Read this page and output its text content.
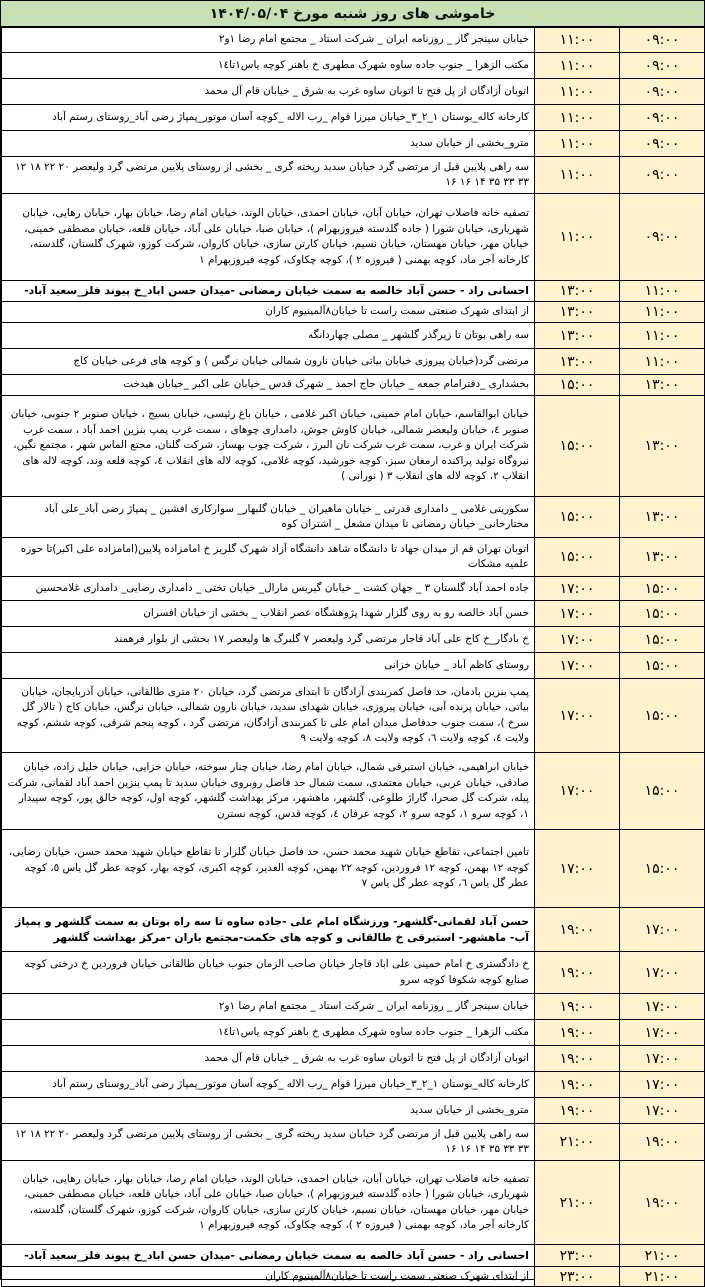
خاموشی های روز شنبه مورخ ۱۴۰۴/۰۵/۰۴
خیابان سینجر گاز _ روزنامه ایران _ شرکت استاد _ مجتمع امام رضا ۱و۲	۱۱:۰۰	۰۹:۰۰
مکتب الزهرا _ جنوب جاده ساوه شهرک مطهری خ باهنر کوچه یاس۱تا۱٤	۱۱:۰۰	۰۹:۰۰
اتوبان آزادگان از پل فتح تا اتوبان ساوه غرب به شرق _ خیابان قام آل محمد	۱۱:۰۰	۰۹:۰۰
کارخانه کاله_بوستان ۱_۲_۳_خیابان میرزا قوام _رب الاله _کوچه آسان موتور_پمپاژ رضی آباد_روستای رستم آباد	۱۱:۰۰	۰۹:۰۰
مترو_بخشی از خیابان سدید	۱۱:۰۰	۰۹:۰۰
سه راهی پلایین قبل از مرتضی گرد خیابان سدید ریخته گری _ بخشی از روستای پلایین مرتضی گرد ولیعصر ۲۰ ۲۲ ۱۸ ۱۲ ۳۳ ۳۳ ۳۵ ۱۴ ۱۶ ۱۶	۱۱:۰۰	۰۹:۰۰
تصفیه خانه فاضلاب تهران، خیابان آبان، خیابان احمدی، خیابان الوند، خیابان امام رضا، خیابان بهار، خیابان رهایی، خیابان شهریاری، خیابان شورا ( جاده گلدسته فیروزبهرام )، خیابان صبا، خیابان علی آباد، خیابان قلعه، خیابان مصطفی خمینی، خیابان مهر، خیابان مهستان، خیابان نسیم، خیابان کارتن سازی، خیابان کاروان، شرکت کوزو، شهرک گلستان، گلدسته، کارخانه آجر ماد، کوچه بهمنی ( فیروزه ۲ )، کوچه چکاوک، کوچه فیروزبهرام ۱	۱۱:۰۰	۰۹:۰۰
احسانی راد - حسن آباد خالصه به سمت خیابان رمضانی -میدان حسن اباد_خ پیوند فلز_سعید آباد-	۱۳:۰۰	۱۱:۰۰
از ابتدای شهرک صنعتی سمت راست تا خیابان۸آلمینیوم کاران	۱۳:۰۰	۱۱:۰۰
سه راهی بوتان تا زیرگذر گلشهر _ مصلی چهاردانگه	۱۳:۰۰	۱۱:۰۰
مرتضی گرد(خیابان پیروزی خیابان بیاتی خیابان نارون شمالی خیابان نرگس ) و کوچه های فرعی خیابان کاج	۱۳:۰۰	۱۱:۰۰
بخشداری _دفترامام جمعه _ خیابان حاج احمد _ شهرک قدس _خیابان علی اکبر _خیابان هیدخت	۱۵:۰۰	۱۳:۰۰
خیابان ابوالقاسم، خیابان امام خمینی، خیابان اکبر غلامی ، خیابان باغ رئیسی، خیابان بسیج ، خیابان صنوبر ۲ جنوبی، خیابان صنوبر ٤، خیابان ولیعصر شمالی، خیابان کاوش جوش، دامداری چوهای ، سمت غرب پمپ بنزین احمد آباد ، سمت غرب شرکت ایران و غرب، سمت غرب شرکت نان البرز ، شرکت چوب بهساز، شرکت گلنان، مجتع الماس شهر ، مجتمع نگین، نیروگاه تولید پراکنده ارمغان سبز، کوچه خورشید، کوچه غلامی، کوچه لاله های انقلاب ٤، کوچه قلعه وند، کوچه لاله های انقلاب ۲، کوچه لاله های انقلاب ۳ ( نورانی )	۱۵:۰۰	۱۳:۰۰
سکوریتی غلامی _ دامداری قدرتی _ خیابان ماهیران _ خیابان گلبهار_ سوارکاری افشین _ پمپاژ رضی آباد_علی آباد مختارخانی_ خیابان رمضانی تا میدان مشعل _ اشتران کوه	۱۵:۰۰	۱۳:۰۰
اتوبان تهران قم از میدان جهاد تا دانشگاه شاهد دانشگاه آزاد شهرک گلریز خ امامزاده پلایین(امامزاده علی اکبر)تا حوزه علمیه مشکات	۱۵:۰۰	۱۳:۰۰
جاده احمد آباد گلستان ۳ _ جهان کشت _ خیابان گیربس مارال_ خیابان تختی _ دامداری رضایی_ دامداری غلامحسین	۱۷:۰۰	۱۵:۰۰
حسن آباد خالصه رو به روی گلزار شهدا پژوهشگاه عصر انقلاب _ بخشی از خیابان افسران	۱۷:۰۰	۱۵:۰۰
خ بادگار_خ کاج علی آباد قاجار مرتضی گرد ولیعصر ۷ گلبرگ ها ولیعصر ۱۷ بخشی از بلوار فرهمند	۱۷:۰۰	۱۵:۰۰
روستای کاظم آباد _ خیابان خزانی	۱۷:۰۰	۱۵:۰۰
پمپ بنزین بادمان، حد فاصل کمربندی آزادگان تا ابتدای مرتضی گرد، خیابان ۲۰ متری طالقانی، خیابان آذربایجان، خیابان بیاتی، خیابان پرنده آبی، خیابان پیروزی، خیابان شهدای سدید، خیابان نارون شمالی، خیابان نرگس، خیابان کاج ( تالار گل سرخ )، سمت جنوب حدفاصل میدان امام علی تا کمربندی آزادگان، مرتضی گرد ، کوچه پنجم شرقی، کوچه ششم، کوچه ولایت ٤، کوچه ولایت ٦، کوچه ولایت ٨، کوچه ولایت ٩	۱۷:۰۰	۱۵:۰۰
خیابان ابراهیمی، خیابان استبرقی شمال، خیابان امام رضا، خیابان چنار سوخته، خیابان خزایی، خیابان خلیل زاده، خیابان صادقی، خیابان عربی، خیابان معتمدی، سمت شمال حد فاصل روبروی خیابان سدید تا پمپ بنزین احمد آباد لقمانی، شرکت پیله، شرکت گل صحرا، گاراژ طلوعی، گلشهر، ماهشهر، مرکز بهداشت گلشهر، کوچه اول، کوچه خالق پور، کوچه سپیدار ۱، کوچه سرو ۱، کوچه سرو ۲، کوچه عرفان ٤، کوچه قدس، کوچه نسترن	۱۷:۰۰	۱۵:۰۰
تامین اجتماعی، تقاطع خیابان شهید محمد حسن، حد فاصل خیابان گلزار تا تقاطع خیابان شهید محمد حسن، خیابان رضایی، کوچه ۱۲ بهمن، کوچه ۱۲ فروردین، کوچه ۲۲ بهمن، کوچه الغدیر، کوچه اکبری، کوچه بهار، کوچه عطر گل یاس ٥، کوچه عطر گل یاس ٦، کوچه عطر گل یاس ۷	۱۷:۰۰	۱۵:۰۰
حسن آباد لقمانی-گلشهر- ورزشگاه امام علی -جاده ساوه تا سه راه بوتان به سمت گلشهر و پمپاژ آب- ماهشهر- استبرقی خ طالقانی و کوچه های حکمت-مجتمع باران -مرکز بهداشت گلشهر	۱۹:۰۰	۱۷:۰۰
خ دادگستری خ امام خمینی علی اباد قاجار خیابان صاحب الزمان جنوب خیابان طالقانی خیابان فروردین خ درختی کوچه صنایع کوچه شکوفا کوچه سرو	۱۹:۰۰	۱۷:۰۰
خیابان سینجر گاز _ روزنامه ایران _ شرکت استاد _ مجتمع امام رضا ۱و۲	۱۹:۰۰	۱۷:۰۰
مکتب الزهرا _ جنوب جاده ساوه شهرک مطهری خ باهنر کوچه یاس۱تا۱٤	۱۹:۰۰	۱۷:۰۰
اتوبان آزادگان از پل فتح تا اتوبان ساوه غرب به شرق _ خیابان قام آل محمد	۱۹:۰۰	۱۷:۰۰
کارخانه کاله_بوستان ۱_۲_۳_خیابان میرزا قوام _رب الاله _کوچه آسان موتور_پمپاژ رضی آباد_روستای رستم آباد	۱۹:۰۰	۱۷:۰۰
مترو_بخشی از خیابان سدید	۱۹:۰۰	۱۷:۰۰
سه راهی پلایین قبل از مرتضی گرد خیابان سدید ریخته گری _ بخشی از روستای پلایین مرتضی گرد ولیعصر ۲۰ ۲۲ ۱۸ ۱۲ ۳۳ ۳۳ ۳۵ ۱۴ ۱۶ ۱۶	۲۱:۰۰	۱۹:۰۰
تصفیه خانه فاضلاب تهران، خیابان آبان، خیابان احمدی، خیابان الوند، خیابان امام رضا، خیابان بهار، خیابان رهایی، خیابان شهریاری، خیابان شورا ( جاده گلدسته فیروزبهرام )، خیابان صبا، خیابان علی آباد، خیابان قلعه، خیابان مصطفی خمینی، خیابان مهر، خیابان مهستان، خیابان نسیم، خیابان کارتن سازی، خیابان کاروان، شرکت کوزو، شهرک گلستان، گلدسته، کارخانه آجر ماد، کوچه بهمنی ( فیروزه ۲ )، کوچه چکاوک، کوچه فیروزبهرام ۱	۲۱:۰۰	۱۹:۰۰
احسانی راد - حسن آباد خالصه به سمت خیابان رمضانی -میدان حسن اباد_خ پیوند فلز_سعید آباد-	۲۳:۰۰	۲۱:۰۰
از ابتدای شهرک صنعتی سمت راست تا خیابان۸آلمینیوم کاران	۲۳:۰۰	۲۱:۰۰
